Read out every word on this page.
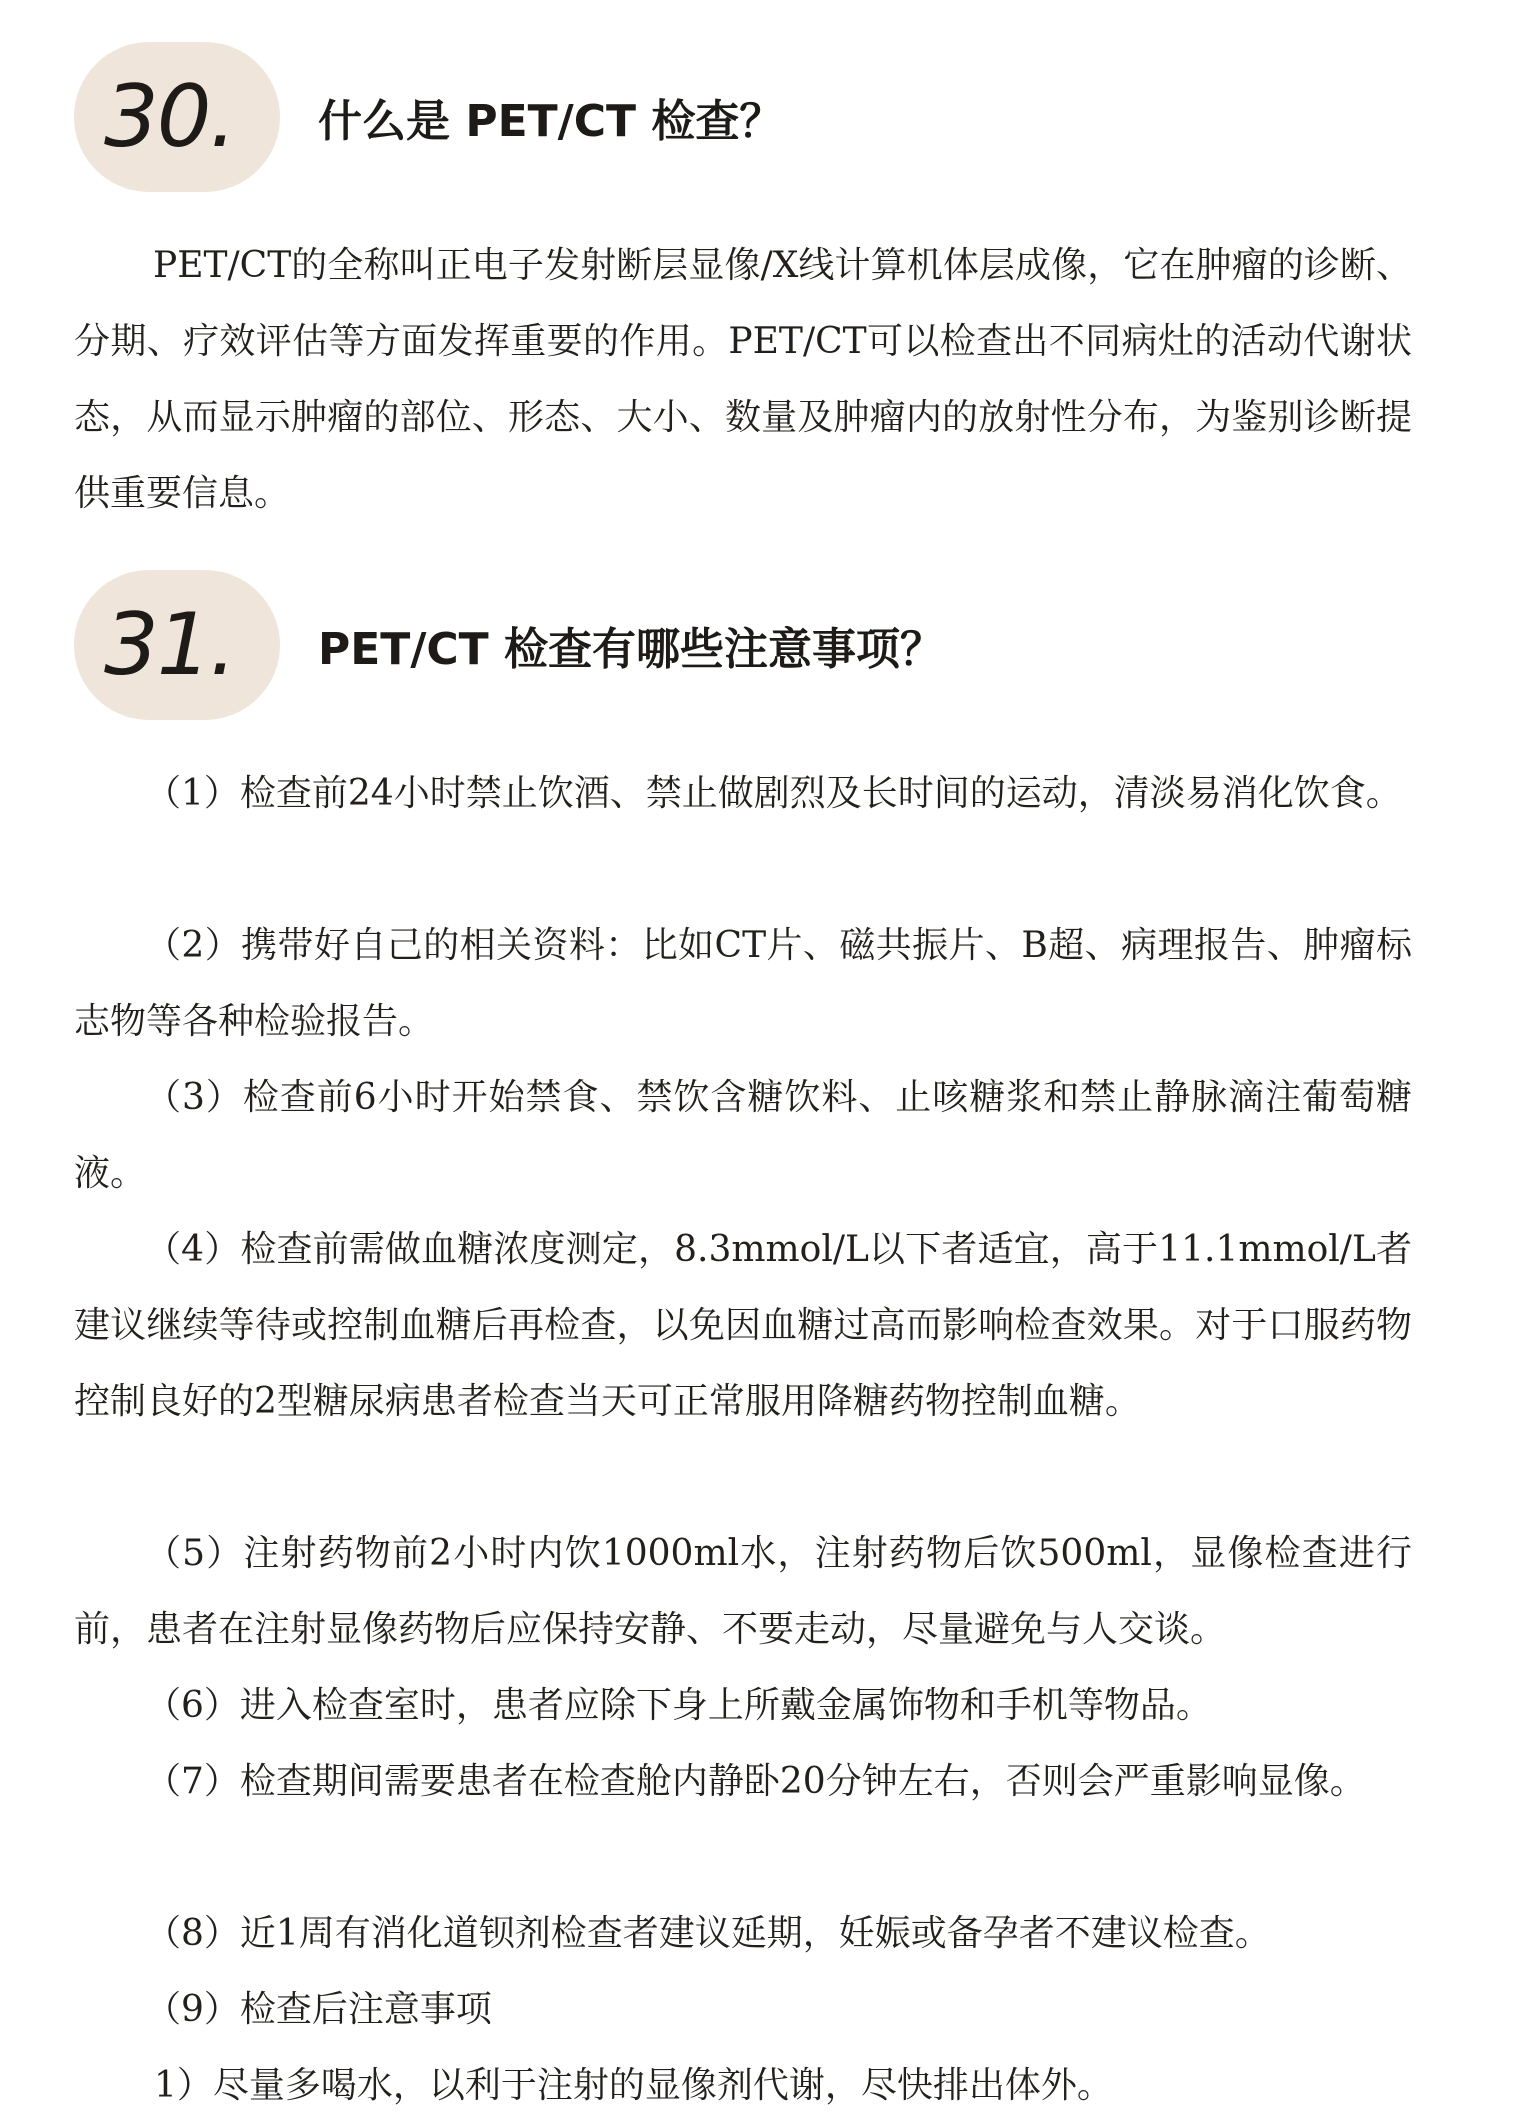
30. 什么是 PET/CT 检查？

PET/CT的全称叫正电子发射断层显像/X线计算机体层成像，它在肿瘤的诊断、分期、疗效评估等方面发挥重要的作用。PET/CT可以检查出不同病灶的活动代谢状态，从而显示肿瘤的部位、形态、大小、数量及肿瘤内的放射性分布，为鉴别诊断提供重要信息。

31. PET/CT 检查有哪些注意事项？

（1）检查前24小时禁止饮酒、禁止做剧烈及长时间的运动，清淡易消化饮食。

（2）携带好自己的相关资料：比如CT片、磁共振片、B超、病理报告、肿瘤标志物等各种检验报告。

（3）检查前6小时开始禁食、禁饮含糖饮料、止咳糖浆和禁止静脉滴注葡萄糖液。

（4）检查前需做血糖浓度测定，8.3mmol/L以下者适宜，高于11.1mmol/L者建议继续等待或控制血糖后再检查，以免因血糖过高而影响检查效果。对于口服药物控制良好的2型糖尿病患者检查当天可正常服用降糖药物控制血糖。

（5）注射药物前2小时内饮1000ml水，注射药物后饮500ml，显像检查进行前，患者在注射显像药物后应保持安静、不要走动，尽量避免与人交谈。

（6）进入检查室时，患者应除下身上所戴金属饰物和手机等物品。

（7）检查期间需要患者在检查舱内静卧20分钟左右，否则会严重影响显像。

（8）近1周有消化道钡剂检查者建议延期，妊娠或备孕者不建议检查。

（9）检查后注意事项

1）尽量多喝水，以利于注射的显像剂代谢，尽快排出体外。
